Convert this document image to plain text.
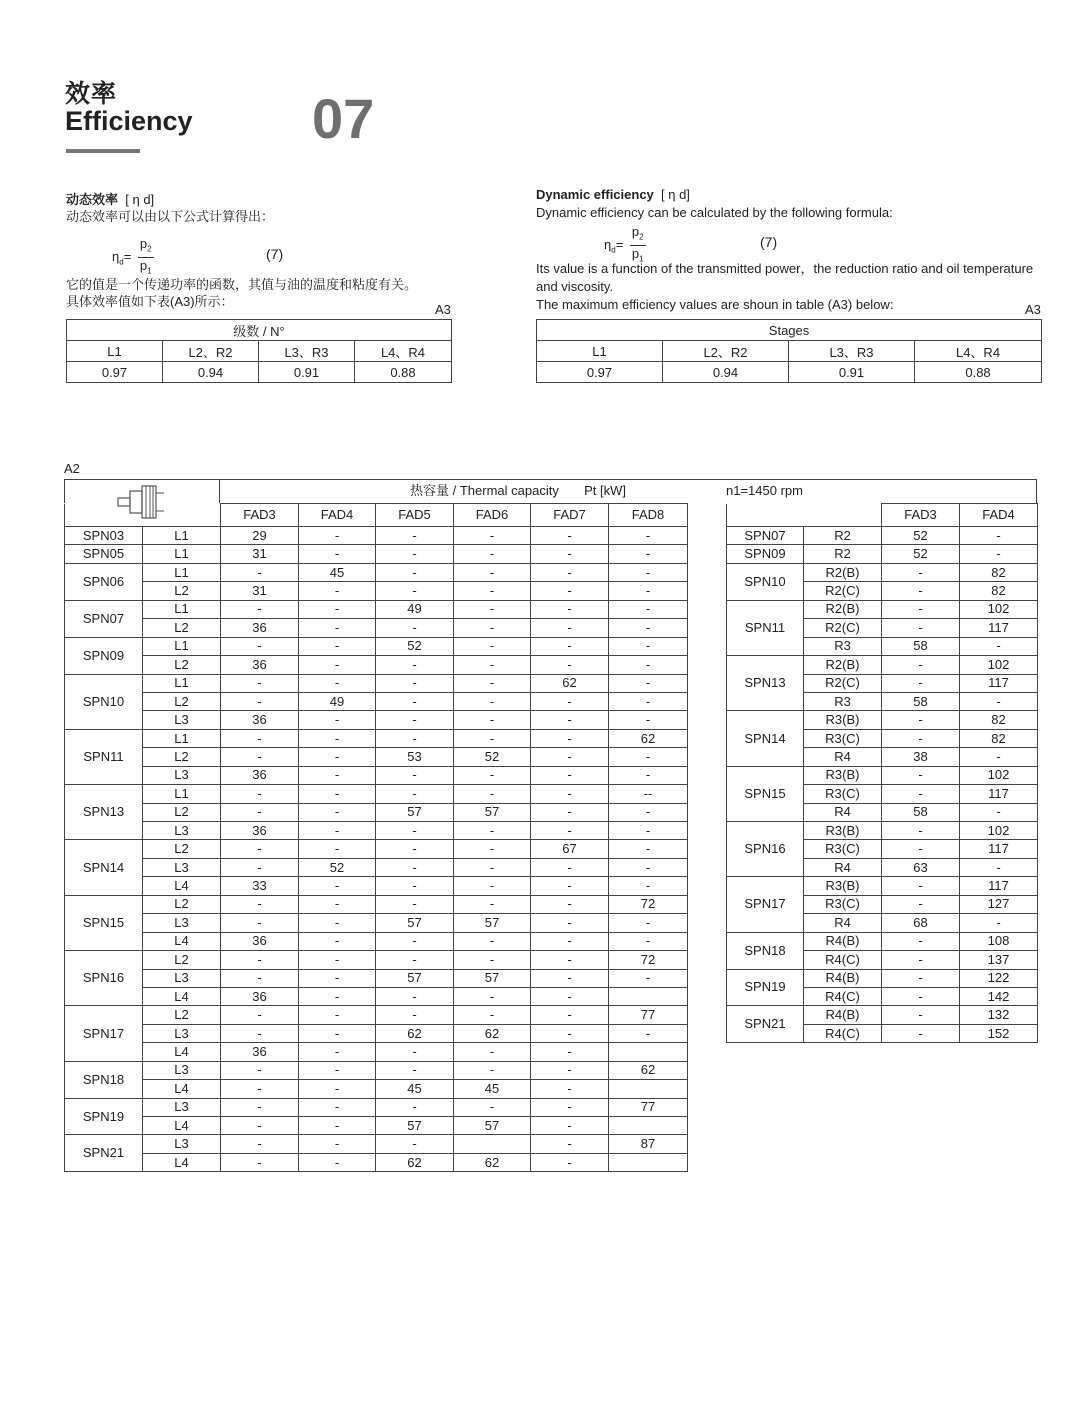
效率
Efficiency 07
动态效率 [ η d]
动态效率可以由以下公式计算得出：
$\eta_d= \frac{p_2}{p_1}$	(7)
它的值是一个传递功率的函数，其值与油的温度和粘度有关。
具体效率值如下表(A3)所示：
A3
级数 / N°			
L1	L2、R2	L3、R3	L4、R4
0.97	0.94	0.91	0.88
Dynamic efficiency [ η d]
Dynamic efficiency can be calculated by the following formula:
$\eta_d= \frac{p_2}{p_1}$	(7)
Its value is a function of the transmitted power，the reduction ratio and oil temperature
and viscosity.
The maximum efficiency values are shoun in table (A3) below:	A3
Stages			
L1	L2、R2	L3、R3	L4、R4
0.97	0.94	0.91	0.88
A2
热容量 / Thermal capacity Pt [kW]	n1=1450 rpm
		FAD3	FAD4	FAD5	FAD6	FAD7	FAD8
SPN03	L1	29	-	-	-	-	-
SPN05	L1	31	-	-	-	-	-
SPN06	L1	-	45	-	-	-	-
	L2	31	-	-	-	-	-
SPN07	L1	-	-	49	-	-	-
	L2	36	-	-	-	-	-
SPN09	L1	-	-	52	-	-	-
	L2	36	-	-	-	-	-
SPN10	L1	-	-	-	-	62	-
	L2	-	49	-	-	-	-
	L3	36	-	-	-	-	-
SPN11	L1	-	-	-	-	-	62
	L2	-	-	53	52	-	-
	L3	36	-	-	-	-	-
SPN13	L1	-	-	-	-	-	--
	L2	-	-	57	57	-	-
	L3	36	-	-	-	-	-
SPN14	L2	-	-	-	-	67	-
	L3	-	52	-	-	-	-
	L4	33	-	-	-	-	-
SPN15	L2	-	-	-	-	-	72
	L3	-	-	57	57	-	-
	L4	36	-	-	-	-	-
SPN16	L2	-	-	-	-	-	72
	L3	-	-	57	57	-	-
	L4	36	-	-	-	-	
SPN17	L2	-	-	-	-	-	77
	L3	-	-	62	62	-	-
	L4	36	-	-	-	-	
SPN18	L3	-	-	-	-	-	62
	L4	-	-	45	45	-	
SPN19	L3	-	-	-	-	-	77
	L4	-	-	57	57	-	
SPN21	L3	-	-	-		-	87
	L4	-	-	62	62	-	
		FAD3	FAD4
SPN07	R2	52	-
SPN09	R2	52	-
SPN10	R2(B)	-	82
	R2(C)	-	82
SPN11	R2(B)	-	102
	R2(C)	-	117
	R3	58	-
SPN13	R2(B)	-	102
	R2(C)	-	117
	R3	58	-
SPN14	R3(B)	-	82
	R3(C)	-	82
	R4	38	-
SPN15	R3(B)	-	102
	R3(C)	-	117
	R4	58	-
SPN16	R3(B)	-	102
	R3(C)	-	117
	R4	63	-
SPN17	R3(B)	-	117
	R3(C)	-	127
	R4	68	-
SPN18	R4(B)	-	108
	R4(C)	-	137
SPN19	R4(B)	-	122
	R4(C)	-	142
SPN21	R4(B)	-	132
	R4(C)	-	152
